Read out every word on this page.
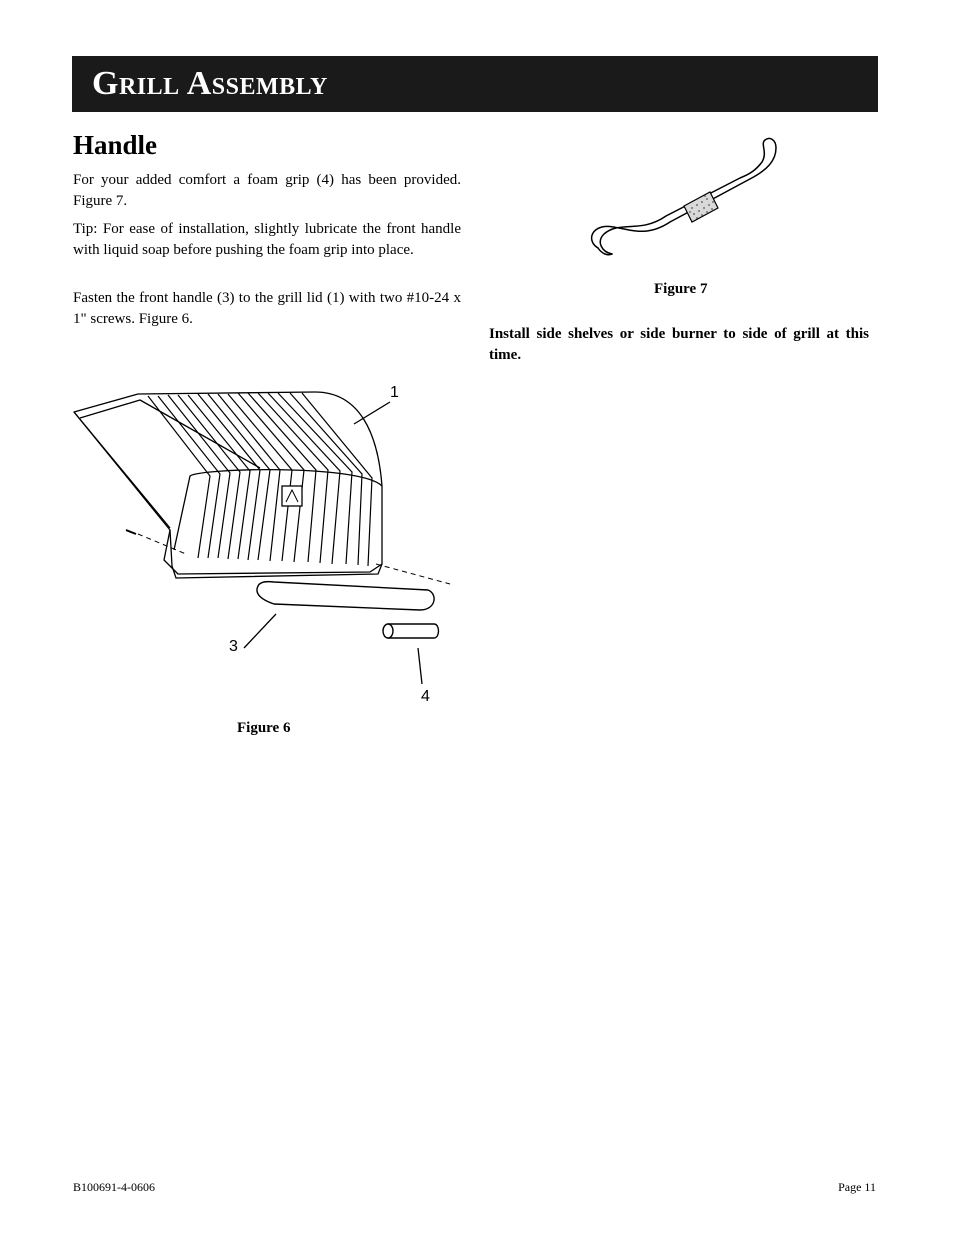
Grill Assembly
Handle

For your added comfort a foam grip (4) has been provided. Figure 7.

Tip: For ease of installation, slightly lubricate the front handle with liquid soap before pushing the foam grip into place.

Fasten the front handle (3) to the grill lid (1) with two #10-24 x 1" screws. Figure 6.

Figure 7

Install side shelves or side burner to side of grill at this time.

1
3
4

Figure 6

B100691-4-0606	Page 11
